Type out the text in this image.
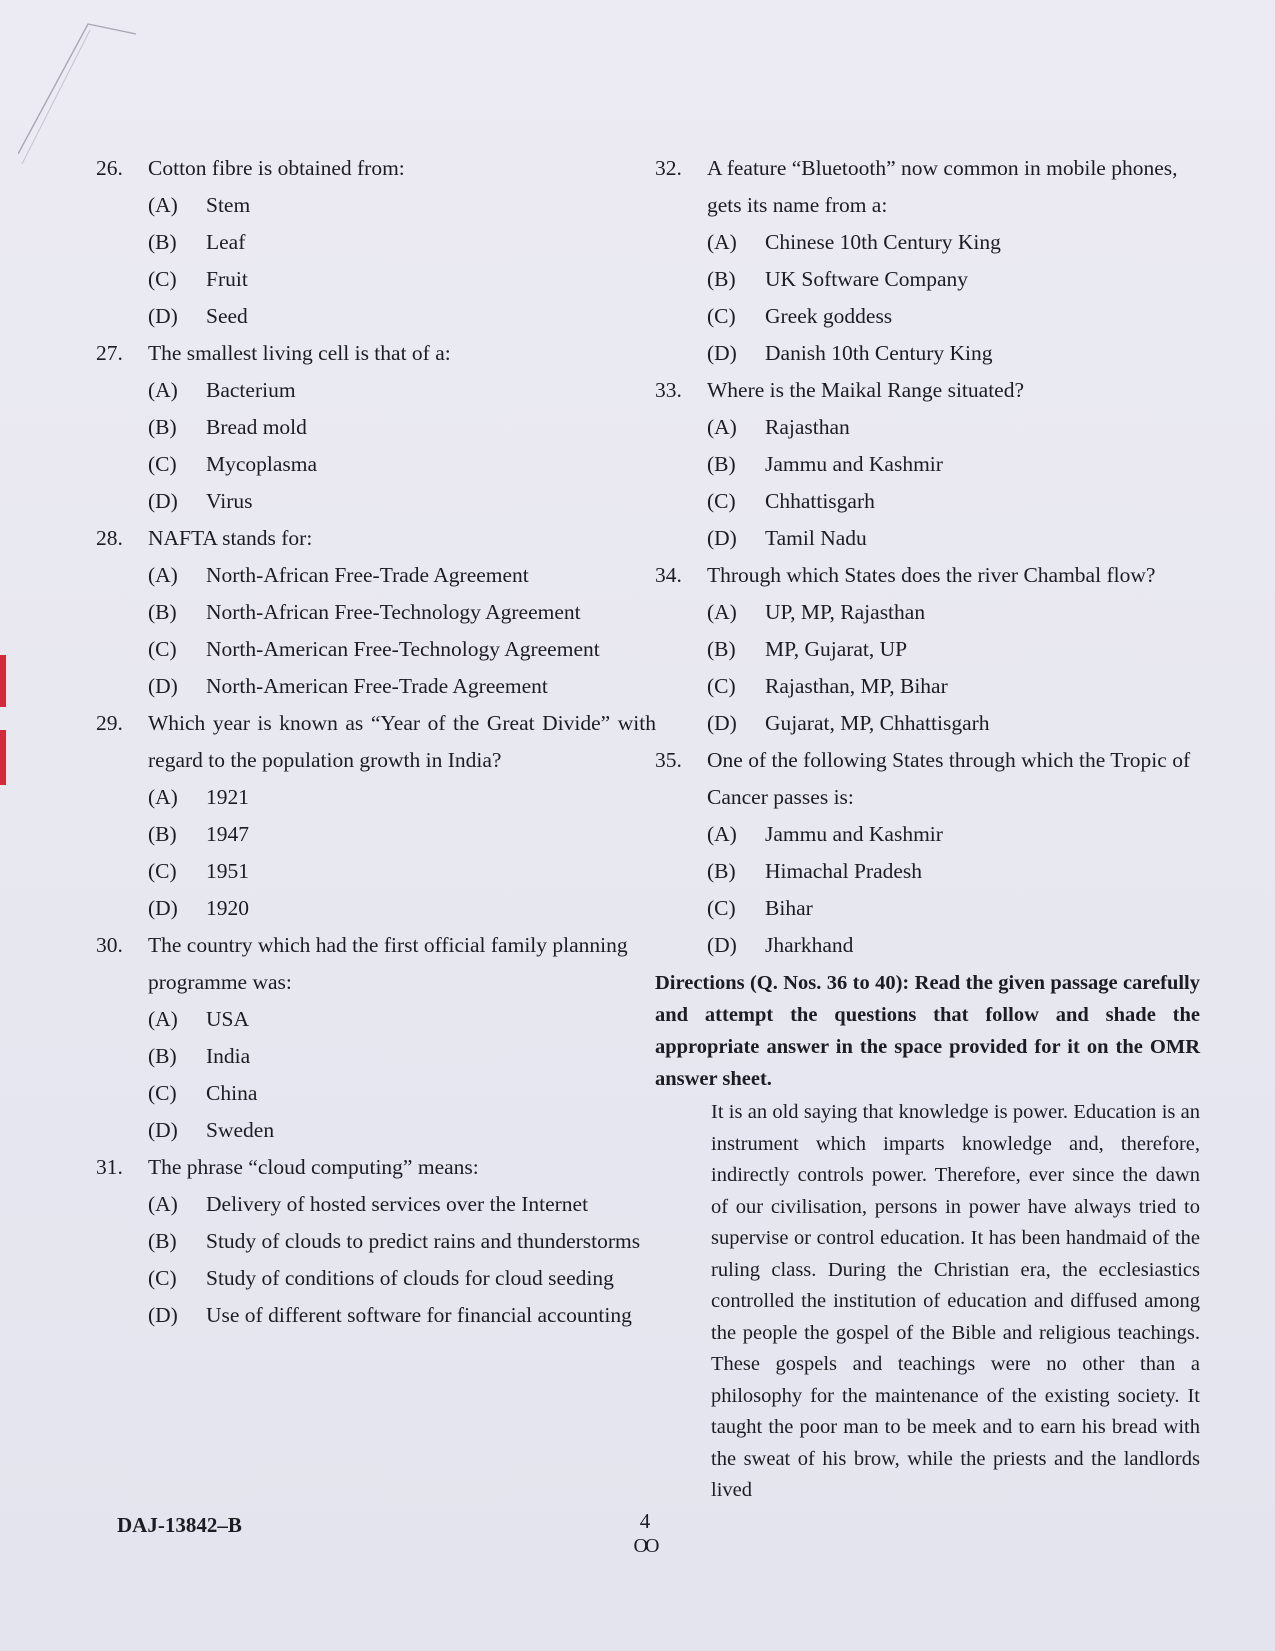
26.	Cotton fibre is obtained from:
(A)	Stem
(B)	Leaf
(C)	Fruit
(D)	Seed
27.	The smallest living cell is that of a:
(A)	Bacterium
(B)	Bread mold
(C)	Mycoplasma
(D)	Virus
28.	NAFTA stands for:
(A)	North-African Free-Trade Agreement
(B)	North-African Free-Technology Agreement
(C)	North-American Free-Technology Agreement
(D)	North-American Free-Trade Agreement
29.	Which year is known as “Year of the Great Divide” with regard to the population growth in India?
(A)	1921
(B)	1947
(C)	1951
(D)	1920
30.	The country which had the first official family planning programme was:
(A)	USA
(B)	India
(C)	China
(D)	Sweden
31.	The phrase “cloud computing” means:
(A)	Delivery of hosted services over the Internet
(B)	Study of clouds to predict rains and thunderstorms
(C)	Study of conditions of clouds for cloud seeding
(D)	Use of different software for financial accounting
32.	A feature “Bluetooth” now common in mobile phones, gets its name from a:
(A)	Chinese 10th Century King
(B)	UK Software Company
(C)	Greek goddess
(D)	Danish 10th Century King
33.	Where is the Maikal Range situated?
(A)	Rajasthan
(B)	Jammu and Kashmir
(C)	Chhattisgarh
(D)	Tamil Nadu
34.	Through which States does the river Chambal flow?
(A)	UP, MP, Rajasthan
(B)	MP, Gujarat, UP
(C)	Rajasthan, MP, Bihar
(D)	Gujarat, MP, Chhattisgarh
35.	One of the following States through which the Tropic of Cancer passes is:
(A)	Jammu and Kashmir
(B)	Himachal Pradesh
(C)	Bihar
(D)	Jharkhand
Directions (Q. Nos. 36 to 40): Read the given passage carefully and attempt the questions that follow and shade the appropriate answer in the space provided for it on the OMR answer sheet.
It is an old saying that knowledge is power. Education is an instrument which imparts knowledge and, therefore, indirectly controls power. Therefore, ever since the dawn of our civilisation, persons in power have always tried to supervise or control education. It has been handmaid of the ruling class. During the Christian era, the ecclesiastics controlled the institution of education and diffused among the people the gospel of the Bible and religious teachings. These gospels and teachings were no other than a philosophy for the maintenance of the existing society. It taught the poor man to be meek and to earn his bread with the sweat of his brow, while the priests and the landlords lived
DAJ-13842–B	4
OO
